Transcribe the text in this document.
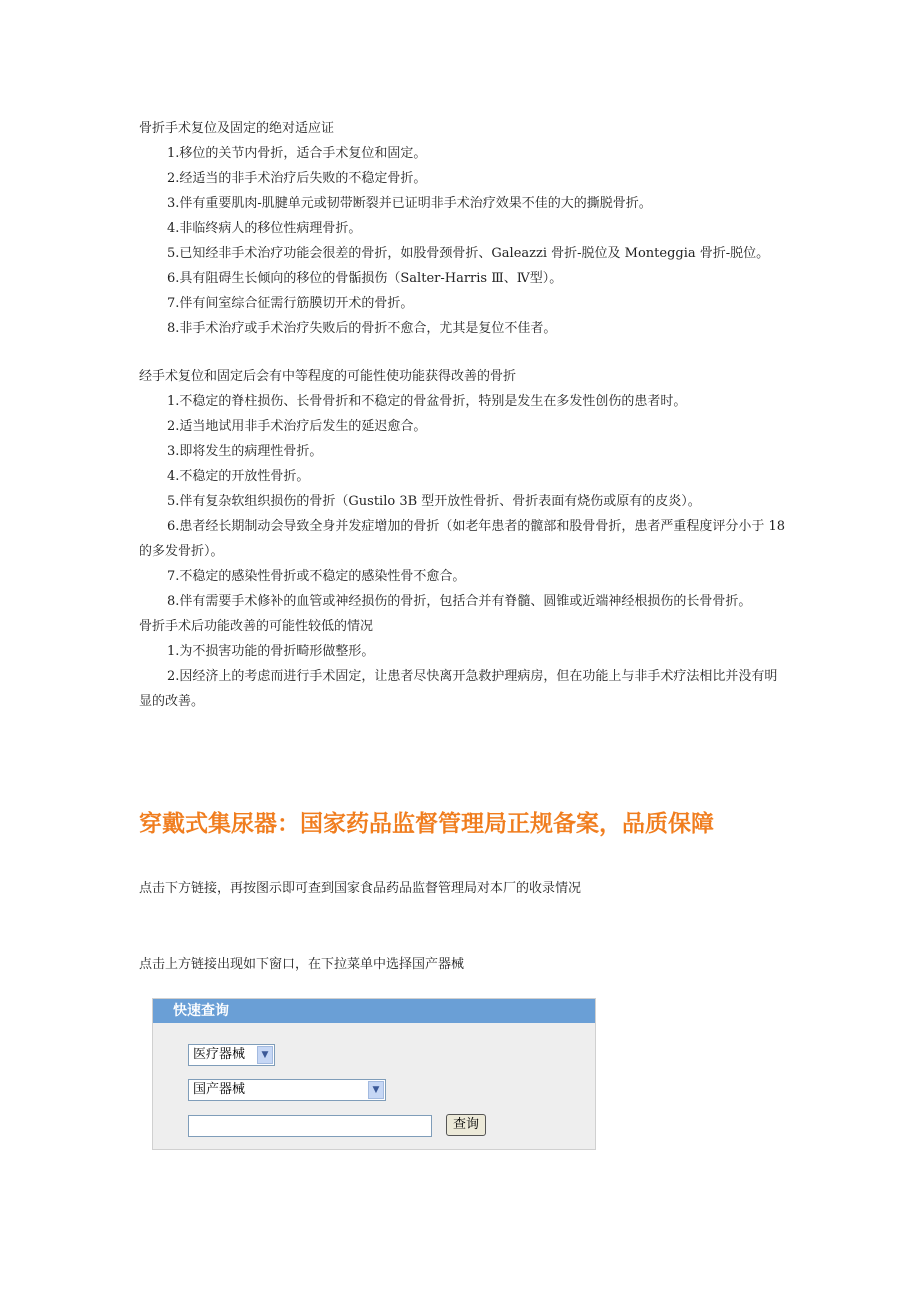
骨折手术复位及固定的绝对适应证

1.移位的关节内骨折，适合手术复位和固定。

2.经适当的非手术治疗后失败的不稳定骨折。

3.伴有重要肌肉-肌腱单元或韧带断裂并已证明非手术治疗效果不佳的大的撕脱骨折。

4.非临终病人的移位性病理骨折。

5.已知经非手术治疗功能会很差的骨折，如股骨颈骨折、Galeazzi 骨折-脱位及 Monteggia 骨折-脱位。

6.具有阻碍生长倾向的移位的骨骺损伤（Salter-Harris Ⅲ、Ⅳ型）。

7.伴有间室综合征需行筋膜切开术的骨折。

8.非手术治疗或手术治疗失败后的骨折不愈合，尤其是复位不佳者。

经手术复位和固定后会有中等程度的可能性使功能获得改善的骨折

1.不稳定的脊柱损伤、长骨骨折和不稳定的骨盆骨折，特别是发生在多发性创伤的患者时。

2.适当地试用非手术治疗后发生的延迟愈合。

3.即将发生的病理性骨折。

4.不稳定的开放性骨折。

5.伴有复杂软组织损伤的骨折（Gustilo 3B 型开放性骨折、骨折表面有烧伤或原有的皮炎）。

6.患者经长期制动会导致全身并发症增加的骨折（如老年患者的髋部和股骨骨折，患者严重程度评分小于 18 的多发骨折）。

7.不稳定的感染性骨折或不稳定的感染性骨不愈合。

8.伴有需要手术修补的血管或神经损伤的骨折，包括合并有脊髓、圆锥或近端神经根损伤的长骨骨折。

骨折手术后功能改善的可能性较低的情况

1.为不损害功能的骨折畸形做整形。

2.因经济上的考虑而进行手术固定，让患者尽快离开急救护理病房，但在功能上与非手术疗法相比并没有明显的改善。

穿戴式集尿器：国家药品监督管理局正规备案，品质保障

点击下方链接，再按图示即可查到国家食品药品监督管理局对本厂的收录情况

点击上方链接出现如下窗口，在下拉菜单中选择国产器械

快速查询
医疗器械	▼
国产器械	▼
查询
